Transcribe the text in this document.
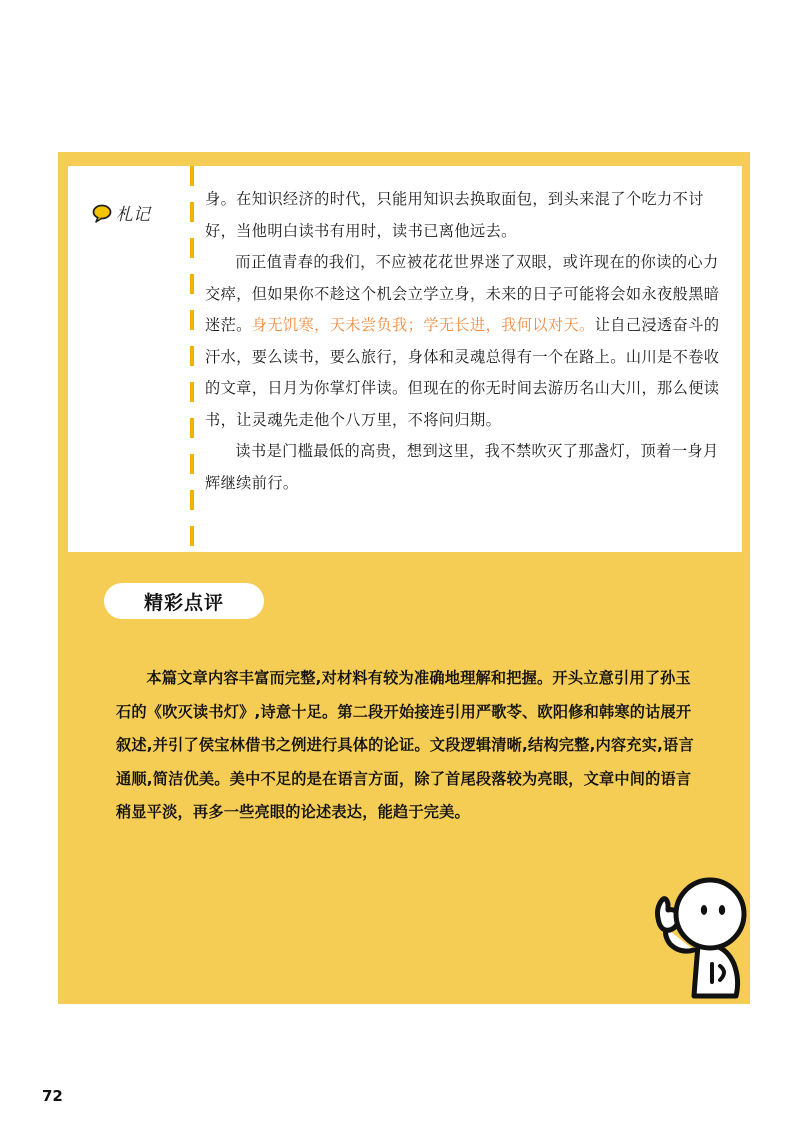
札记

身。在知识经济的时代，只能用知识去换取面包，到头来混了个吃力不讨好，当他明白读书有用时，读书已离他远去。

而正值青春的我们，不应被花花世界迷了双眼，或许现在的你读的心力交瘁，但如果你不趁这个机会立学立身，未来的日子可能将会如永夜般黑暗迷茫。身无饥寒，天未尝负我；学无长进，我何以对天。让自己浸透奋斗的汗水，要么读书，要么旅行，身体和灵魂总得有一个在路上。山川是不卷收的文章，日月为你掌灯伴读。但现在的你无时间去游历名山大川，那么便读书，让灵魂先走他个八万里，不将问归期。

读书是门槛最低的高贵，想到这里，我不禁吹灭了那盏灯，顶着一身月辉继续前行。

精彩点评

本篇文章内容丰富而完整,对材料有较为准确地理解和把握。开头立意引用了孙玉石的《吹灭读书灯》,诗意十足。第二段开始接连引用严歌苓、欧阳修和韩寒的诂展开叙述,并引了侯宝林借书之例进行具体的论证。文段逻辑清晰,结构完整,内容充实,语言通顺,简洁优美。美中不足的是在语言方面，除了首尾段落较为亮眼，文章中间的语言稍显平淡，再多一些亮眼的论述表达，能趋于完美。

72
